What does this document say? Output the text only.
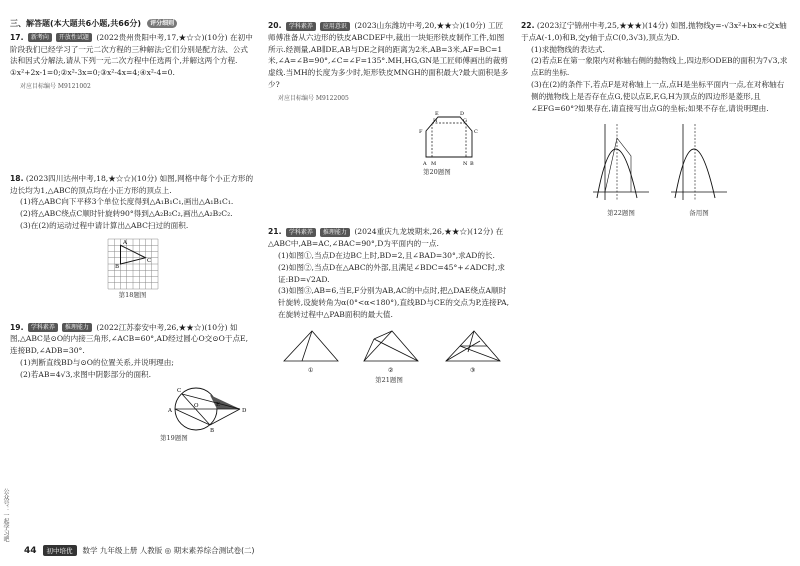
公众号：一起学习吧
三、解答题(本大题共6小题,共66分)	评分细则
17. 新考向 开放性试题 (2022贵州贵阳中考,17,★☆☆)(10分) 在初中阶段我们已经学习了一元二次方程的三种解法;它们分别是配方法、公式法和因式分解法,请从下列一元二次方程中任选两个,并解这两个方程.
①x²+2x-1=0;②x²-3x=0;③x²-4x=4;④x²-4=0.
对应目标编号 M9121002
18. (2023四川达州中考,18,★☆☆)(10分) 如图,网格中每个小正方形的边长均为1,△ABC的顶点均在小正方形的顶点上.
(1)将△ABC向下平移3个单位长度得到△A₁B₁C₁,画出△A₁B₁C₁.
(2)将△ABC绕点C顺时针旋转90°得到△A₂B₂C₂,画出△A₂B₂C₂.
(3)在(2)的运动过程中请计算出△ABC扫过的面积.
A
B
C
第18题图
19. 学科素养 推理能力 (2022江苏泰安中考,26,★★☆)(10分) 如图,△ABC是⊙O的内接三角形,∠ACB=60°,AD经过圆心O交⊙O于点E,连接BD,∠ADB=30°.
(1)判断直线BD与⊙O的位置关系,并说明理由;
(2)若AB=4√3,求图中阴影部分的面积.
A
B
C
D
E
O
第19题图
20. 学科素养 应用意识 (2023山东潍坊中考,20,★★☆)(10分) 工匠师傅准备从六边形的铁皮ABCDEF中,裁出一块矩形铁皮制作工件,如图所示.经测量,AB∥DE,AB与DE之间的距离为2米,AB=3米,AF=BC=1米,∠A=∠B=90°,∠C=∠F=135°.MH,HG,GN是工匠师傅画出的裁剪虚线.当MH的长度为多少时,矩形铁皮MNGH的面积最大?最大面积是多少?
对应目标编号 M9122005
A	B
C
D
E
F
G
H
M	N
第20题图
21. 学科素养 推理能力 (2024重庆九龙坡期末,26,★★☆)(12分) 在△ABC中,AB=AC,∠BAC=90°,D为平面内的一点.
(1)如图①,当点D在边BC上时,BD=2,且∠BAD=30°,求AD的长.
(2)如图②,当点D在△ABC的外部,且满足∠BDC=45°+∠ADC时,求证:BD=√2AD.
(3)如图③,AB=6,当E,F分别为AB,AC的中点时,把△DAE绕点A顺时针旋转,设旋转角为α(0°<α<180°),直线BD与CE的交点为P,连接PA,在旋转过程中△PAB面积的最大值.
①	②	③
第21题图
22. (2023辽宁锦州中考,25,★★★)(14分) 如图,抛物线y=-√3x²+bx+c交x轴于点A(-1,0)和B,交y轴于点C(0,3√3),顶点为D.
(1)求抛物线的表达式.
(2)若点E在第一象限内对称轴右侧的抛物线上,四边形ODEB的面积为7√3,求点E的坐标.
(3)在(2)的条件下,若点F是对称轴上一点,点H是坐标平面内一点,在对称轴右侧的抛物线上是否存在点G,使以点E,F,G,H为顶点的四边形是菱形,且∠EFG=60°?如果存在,请直接写出点G的坐标;如果不存在,请说明理由.
第22题图	备用图
44	初中培优	数学 九年级上册 人教版 ◎ 期末素养综合测试卷(二)
